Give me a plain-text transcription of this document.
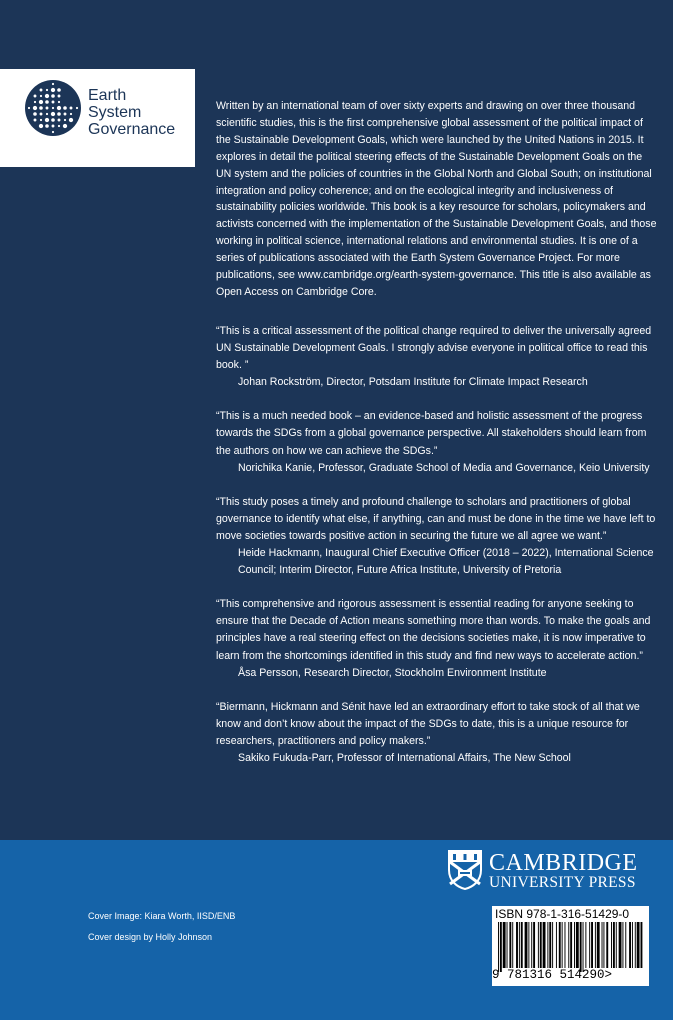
Earth
System
Governance
Written by an international team of over sixty experts and drawing on over three thousand scientific studies, this is the first comprehensive global assessment of the political impact of the Sustainable Development Goals, which were launched by the United Nations in 2015. It explores in detail the political steering effects of the Sustainable Development Goals on the UN system and the policies of countries in the Global North and Global South; on institutional integration and policy coherence; and on the ecological integrity and inclusiveness of sustainability policies worldwide. This book is a key resource for scholars, policymakers and activists concerned with the implementation of the Sustainable Development Goals, and those working in political science, international relations and environmental studies. It is one of a series of publications associated with the Earth System Governance Project. For more publications, see www.cambridge.org/earth-system-governance. This title is also available as Open Access on Cambridge Core.
“This is a critical assessment of the political change required to deliver the universally agreed UN Sustainable Development Goals. I strongly advise everyone in political office to read this book. ”
Johan Rockström, Director, Potsdam Institute for Climate Impact Research
“This is a much needed book – an evidence-based and holistic assessment of the progress towards the SDGs from a global governance perspective. All stakeholders should learn from the authors on how we can achieve the SDGs.”
Norichika Kanie, Professor, Graduate School of Media and Governance, Keio University
“This study poses a timely and profound challenge to scholars and practitioners of global governance to identify what else, if anything, can and must be done in the time we have left to move societies towards positive action in securing the future we all agree we want.”
Heide Hackmann, Inaugural Chief Executive Officer (2018 – 2022), International Science Council; Interim Director, Future Africa Institute, University of Pretoria
“This comprehensive and rigorous assessment is essential reading for anyone seeking to ensure that the Decade of Action means something more than words. To make the goals and principles have a real steering effect on the decisions societies make, it is now imperative to learn from the shortcomings identified in this study and find new ways to accelerate action.”
Åsa Persson, Research Director, Stockholm Environment Institute
“Biermann, Hickmann and Sénit have led an extraordinary effort to take stock of all that we know and don’t know about the impact of the SDGs to date, this is a unique resource for researchers, practitioners and policy makers.”
Sakiko Fukuda-Parr, Professor of International Affairs, The New School
CAMBRIDGE
UNIVERSITY PRESS
Cover Image: Kiara Worth, IISD/ENB
Cover design by Holly Johnson
ISBN 978-1-316-51429-0
9 781316 514290>
